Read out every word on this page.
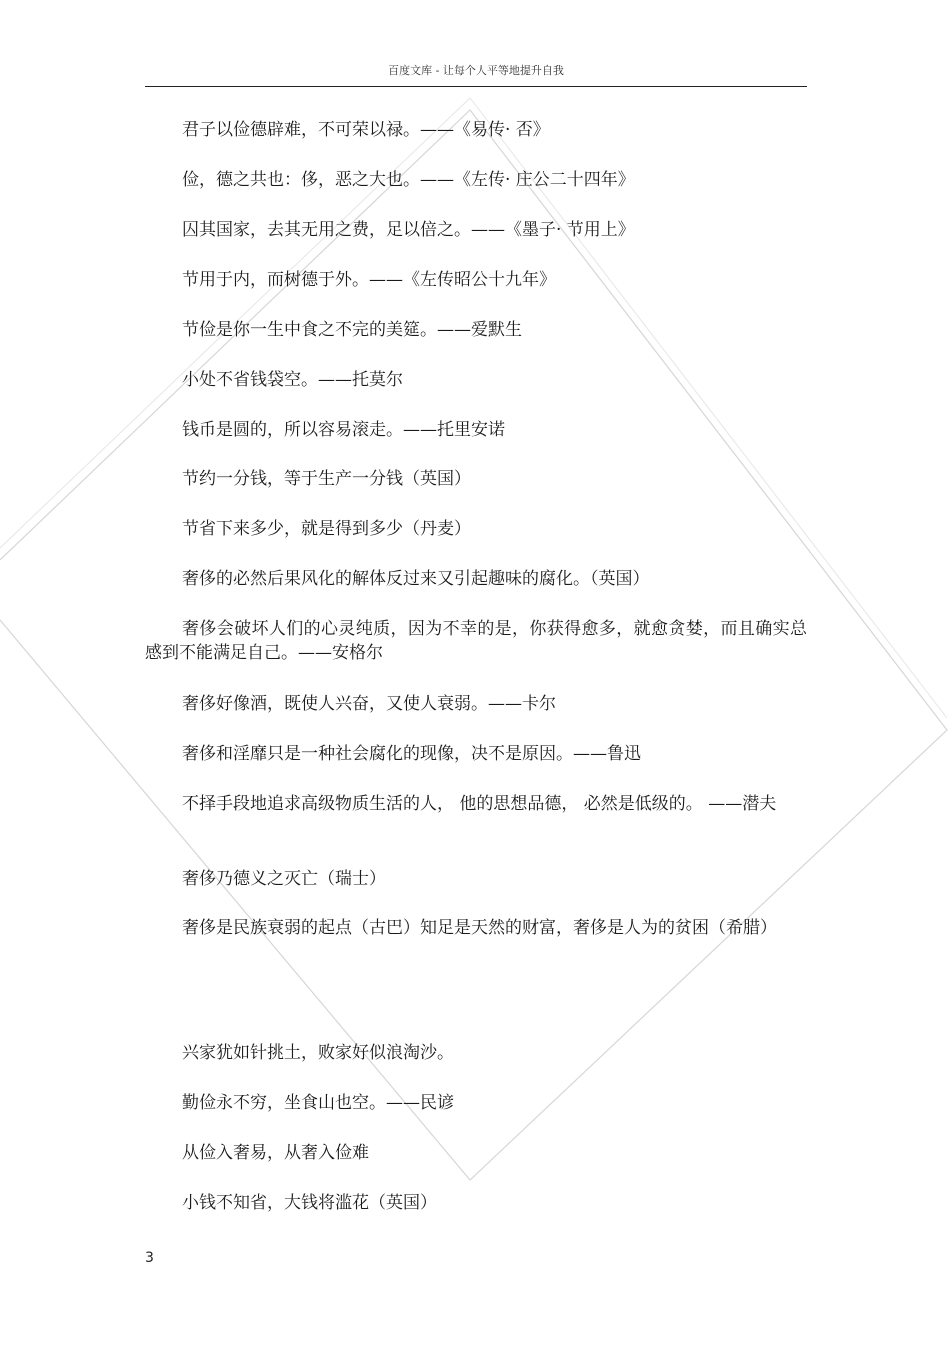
百度文库 - 让每个人平等地提升自我
君子以俭德辟难，不可荣以禄。——《易传· 否》
俭，德之共也：侈，恶之大也。——《左传· 庄公二十四年》
囚其国家，去其无用之费，足以倍之。——《墨子· 节用上》
节用于内，而树德于外。——《左传昭公十九年》
节俭是你一生中食之不完的美筵。——爱默生
小处不省钱袋空。——托莫尔
钱币是圆的，所以容易滚走。——托里安诺
节约一分钱，等于生产一分钱（英国）
节省下来多少，就是得到多少（丹麦）
奢侈的必然后果风化的解体反过来又引起趣味的腐化。（英国）
奢侈会破坏人们的心灵纯质，因为不幸的是，你获得愈多，就愈贪婪，而且确实总感到不能满足自己。——安格尔
奢侈好像酒，既使人兴奋，又使人衰弱。——卡尔
奢侈和淫靡只是一种社会腐化的现像，决不是原因。——鲁迅
不择手段地追求高级物质生活的人， 他的思想品德， 必然是低级的。 ——潜夫
奢侈乃德义之灭亡（瑞士）
奢侈是民族衰弱的起点（古巴）知足是天然的财富，奢侈是人为的贫困（希腊）
兴家犹如针挑土，败家好似浪淘沙。
勤俭永不穷，坐食山也空。——民谚
从俭入奢易，从奢入俭难
小钱不知省，大钱将滥花（英国）
3
